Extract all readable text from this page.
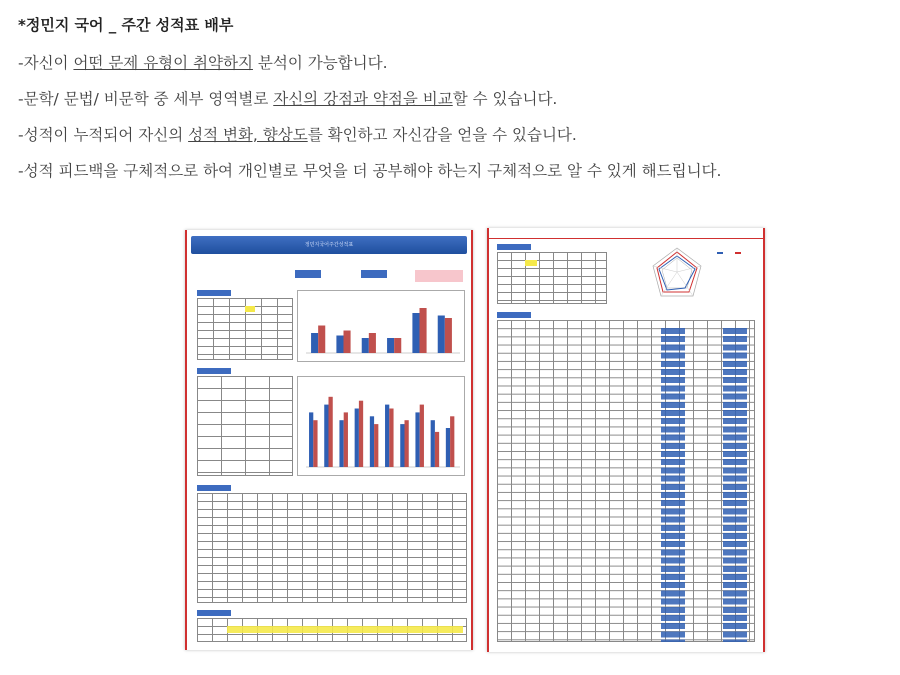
*정민지 국어 _ 주간 성적표 배부
-자신이 어떤 문제 유형이 취약하지 분석이 가능합니다.
-문학/ 문법/ 비문학 중 세부 영역별로 자신의 강점과 약점을 비교할 수 있습니다.
-성적이 누적되어 자신의 성적 변화, 향상도를 확인하고 자신감을 얻을 수 있습니다.
-성적 피드백을 구체적으로 하여 개인별로 무엇을 더 공부해야 하는지 구체적으로 알 수 있게 해드립니다.
정민지국어주간성적표
